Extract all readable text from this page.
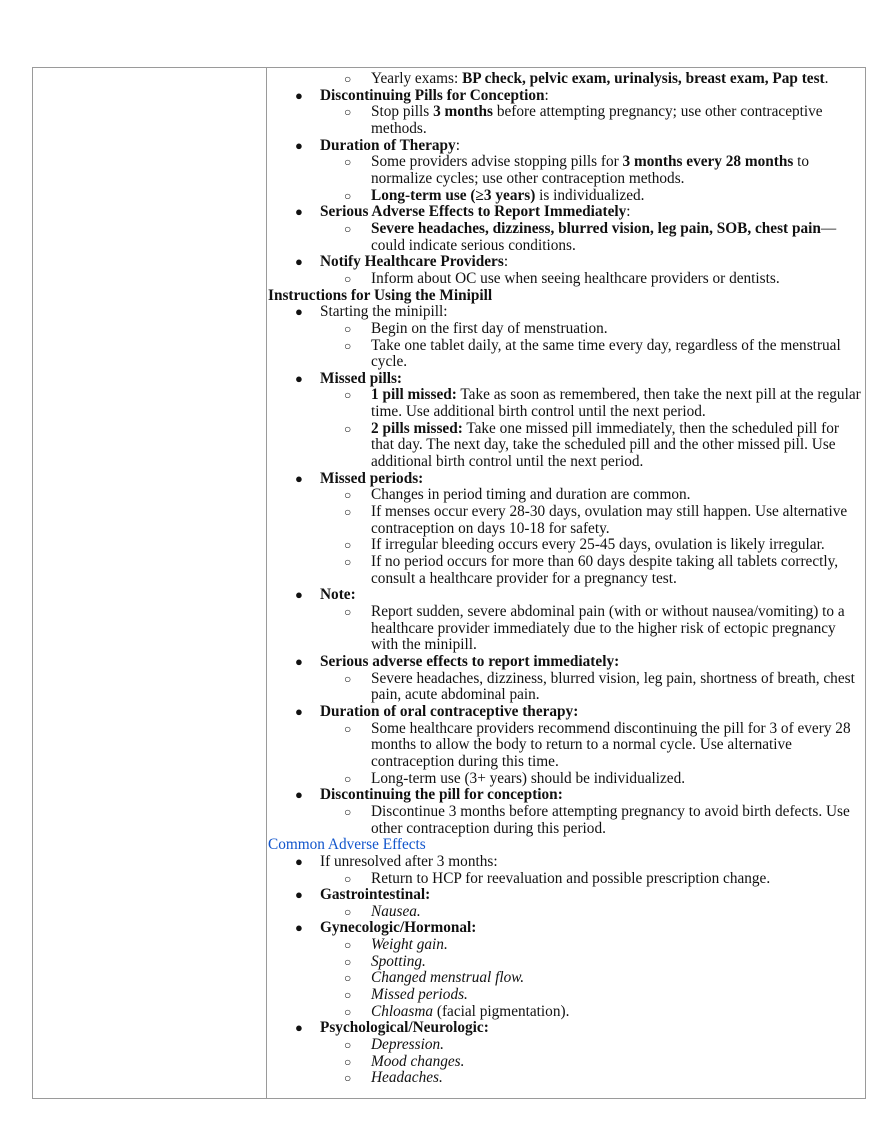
○ Yearly exams: BP check, pelvic exam, urinalysis, breast exam, Pap test.
● Discontinuing Pills for Conception:
○ Stop pills 3 months before attempting pregnancy; use other contraceptive methods.
● Duration of Therapy:
○ Some providers advise stopping pills for 3 months every 28 months to normalize cycles; use other contraception methods.
○ Long-term use (≥3 years) is individualized.
● Serious Adverse Effects to Report Immediately:
○ Severe headaches, dizziness, blurred vision, leg pain, SOB, chest pain—could indicate serious conditions.
● Notify Healthcare Providers:
○ Inform about OC use when seeing healthcare providers or dentists.
Instructions for Using the Minipill
● Starting the minipill:
○ Begin on the first day of menstruation.
○ Take one tablet daily, at the same time every day, regardless of the menstrual cycle.
● Missed pills:
○ 1 pill missed: Take as soon as remembered, then take the next pill at the regular time. Use additional birth control until the next period.
○ 2 pills missed: Take one missed pill immediately, then the scheduled pill for that day. The next day, take the scheduled pill and the other missed pill. Use additional birth control until the next period.
● Missed periods:
○ Changes in period timing and duration are common.
○ If menses occur every 28-30 days, ovulation may still happen. Use alternative contraception on days 10-18 for safety.
○ If irregular bleeding occurs every 25-45 days, ovulation is likely irregular.
○ If no period occurs for more than 60 days despite taking all tablets correctly, consult a healthcare provider for a pregnancy test.
● Note:
○ Report sudden, severe abdominal pain (with or without nausea/vomiting) to a healthcare provider immediately due to the higher risk of ectopic pregnancy with the minipill.
● Serious adverse effects to report immediately:
○ Severe headaches, dizziness, blurred vision, leg pain, shortness of breath, chest pain, acute abdominal pain.
● Duration of oral contraceptive therapy:
○ Some healthcare providers recommend discontinuing the pill for 3 of every 28 months to allow the body to return to a normal cycle. Use alternative contraception during this time.
○ Long-term use (3+ years) should be individualized.
● Discontinuing the pill for conception:
○ Discontinue 3 months before attempting pregnancy to avoid birth defects. Use other contraception during this period.
Common Adverse Effects
● If unresolved after 3 months:
○ Return to HCP for reevaluation and possible prescription change.
● Gastrointestinal:
○ Nausea.
● Gynecologic/Hormonal:
○ Weight gain.
○ Spotting.
○ Changed menstrual flow.
○ Missed periods.
○ Chloasma (facial pigmentation).
● Psychological/Neurologic:
○ Depression.
○ Mood changes.
○ Headaches.
